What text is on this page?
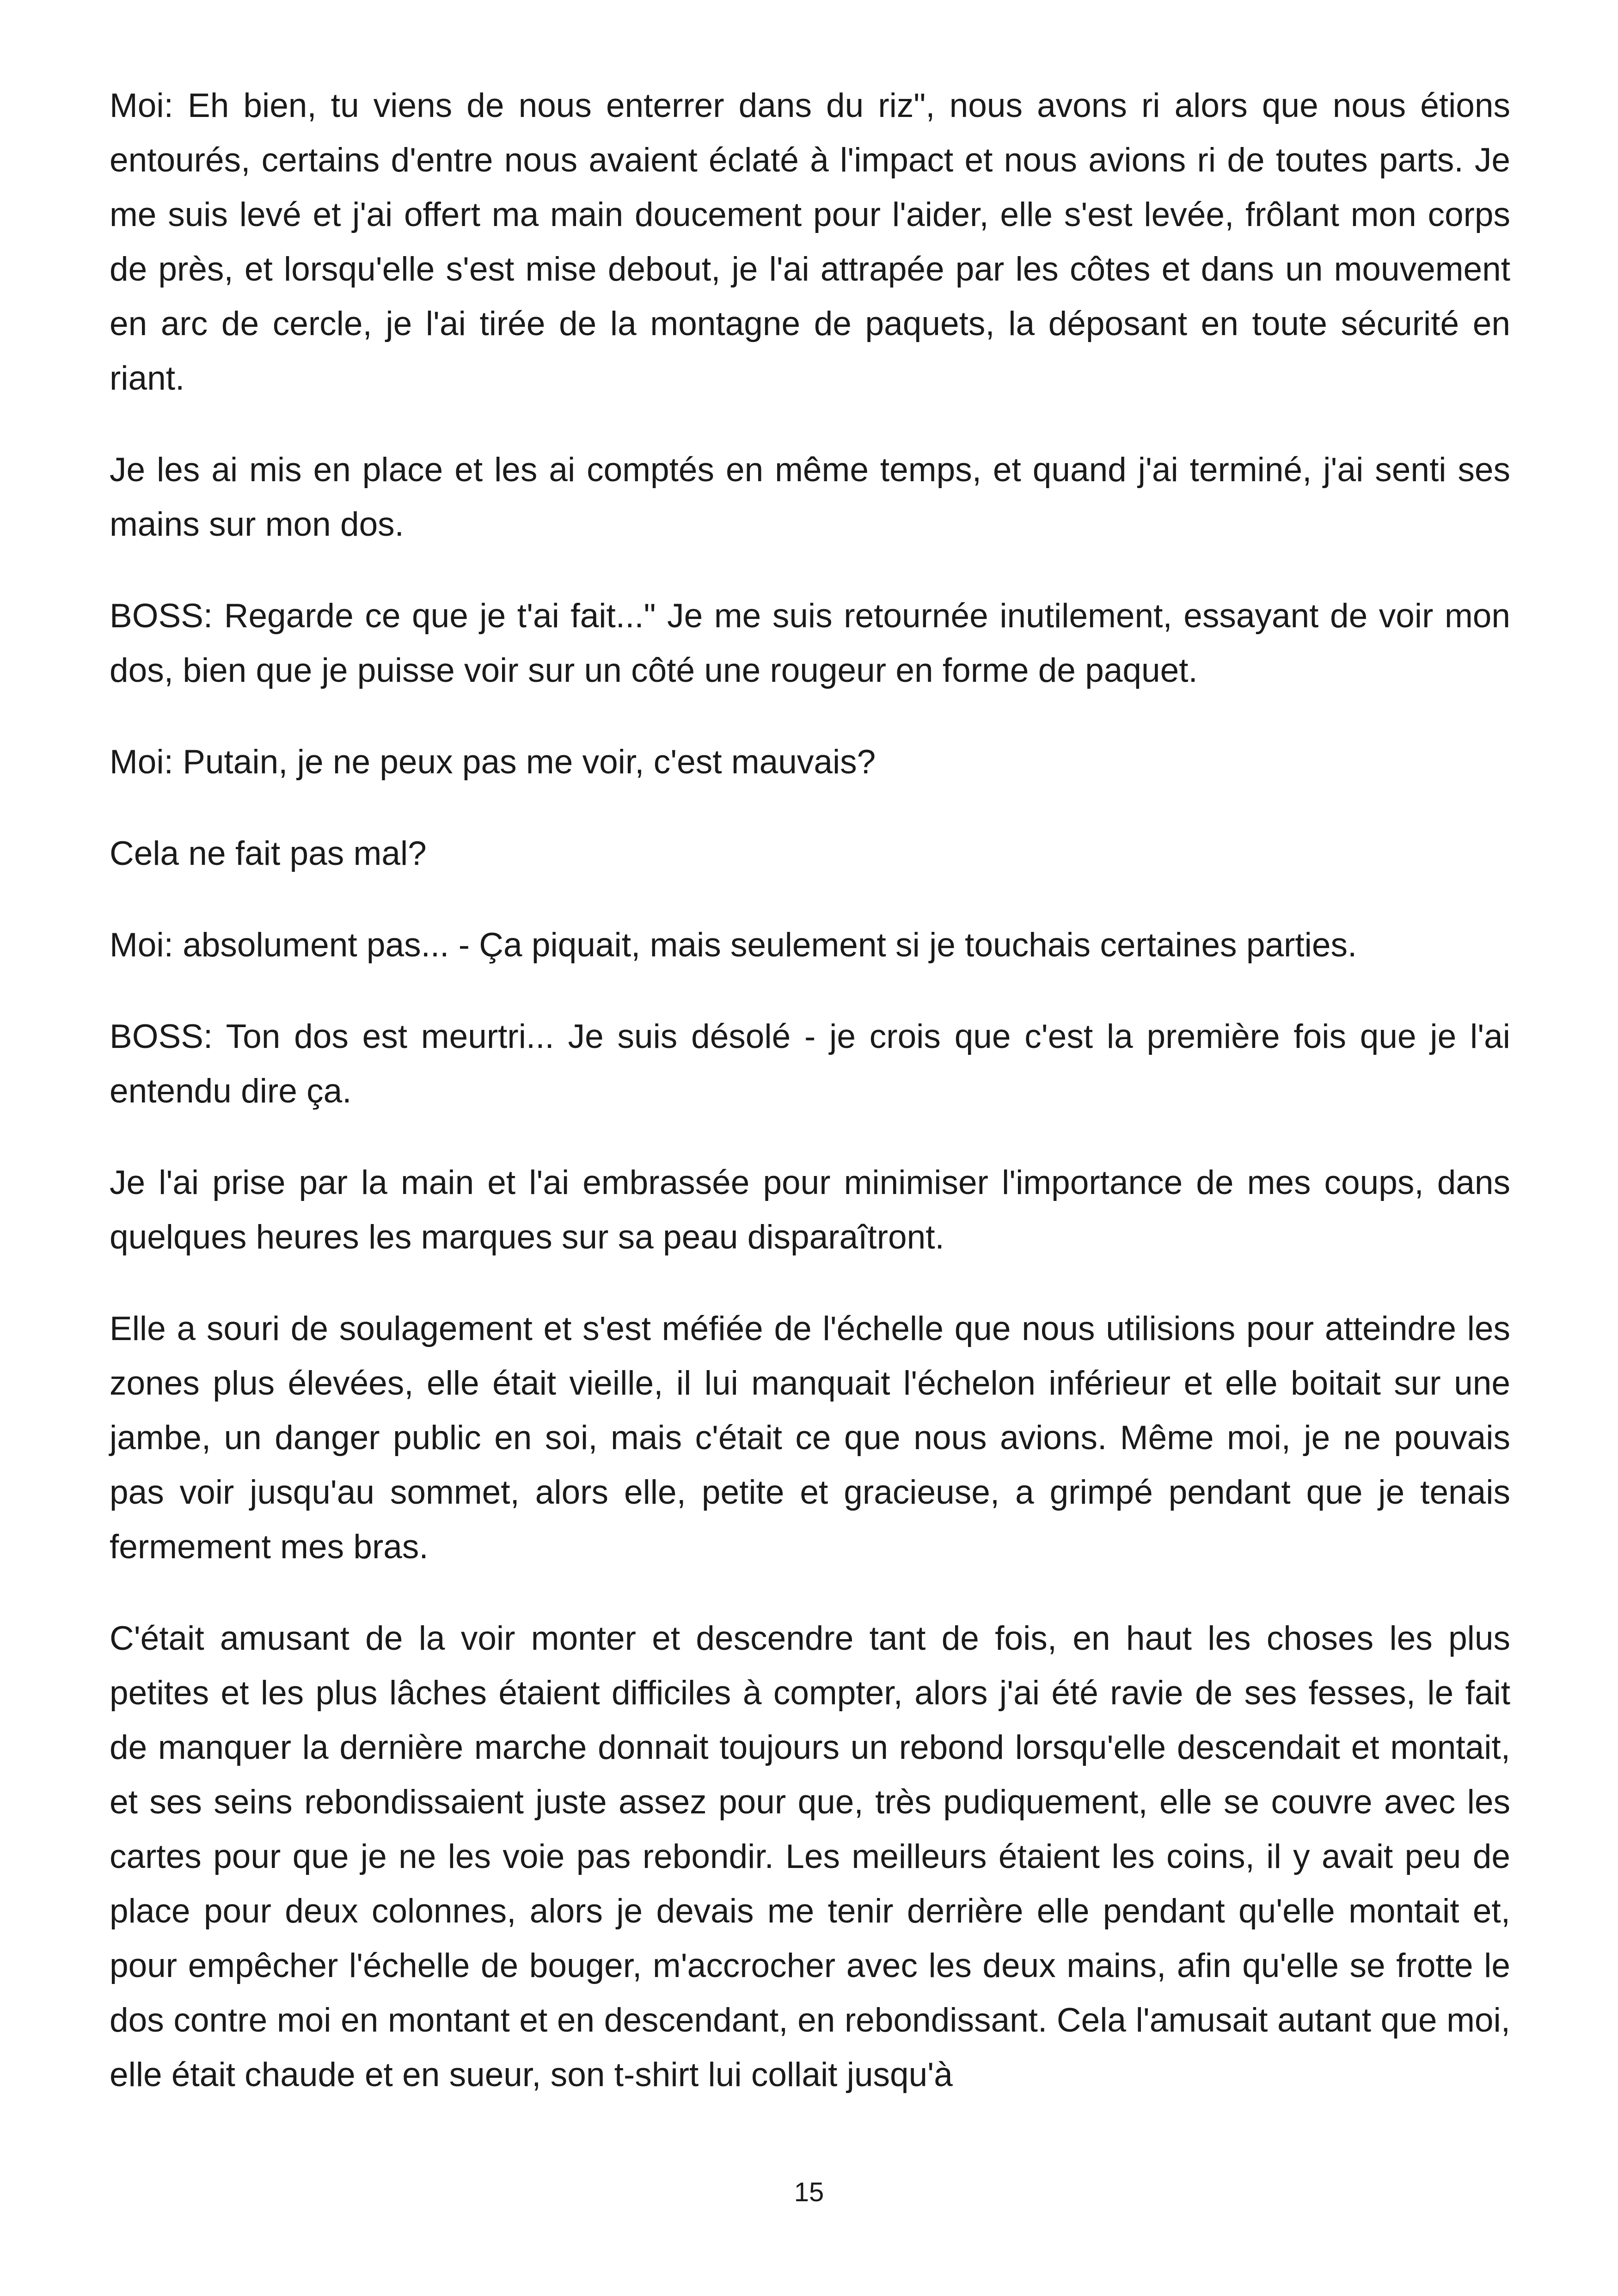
Moi: Eh bien, tu viens de nous enterrer dans du riz", nous avons ri alors que nous étions entourés, certains d'entre nous avaient éclaté à l'impact et nous avions ri de toutes parts. Je me suis levé et j'ai offert ma main doucement pour l'aider, elle s'est levée, frôlant mon corps de près, et lorsqu'elle s'est mise debout, je l'ai attrapée par les côtes et dans un mouvement en arc de cercle, je l'ai tirée de la montagne de paquets, la déposant en toute sécurité en riant.

Je les ai mis en place et les ai comptés en même temps, et quand j'ai terminé, j'ai senti ses mains sur mon dos.

BOSS: Regarde ce que je t'ai fait..." Je me suis retournée inutilement, essayant de voir mon dos, bien que je puisse voir sur un côté une rougeur en forme de paquet.

Moi: Putain, je ne peux pas me voir, c'est mauvais?

Cela ne fait pas mal?

Moi: absolument pas... - Ça piquait, mais seulement si je touchais certaines parties.

BOSS: Ton dos est meurtri... Je suis désolé - je crois que c'est la première fois que je l'ai entendu dire ça.

Je l'ai prise par la main et l'ai embrassée pour minimiser l'importance de mes coups, dans quelques heures les marques sur sa peau disparaîtront.

Elle a souri de soulagement et s'est méfiée de l'échelle que nous utilisions pour atteindre les zones plus élevées, elle était vieille, il lui manquait l'échelon inférieur et elle boitait sur une jambe, un danger public en soi, mais c'était ce que nous avions. Même moi, je ne pouvais pas voir jusqu'au sommet, alors elle, petite et gracieuse, a grimpé pendant que je tenais fermement mes bras.

C'était amusant de la voir monter et descendre tant de fois, en haut les choses les plus petites et les plus lâches étaient difficiles à compter, alors j'ai été ravie de ses fesses, le fait de manquer la dernière marche donnait toujours un rebond lorsqu'elle descendait et montait, et ses seins rebondissaient juste assez pour que, très pudiquement, elle se couvre avec les cartes pour que je ne les voie pas rebondir. Les meilleurs étaient les coins, il y avait peu de place pour deux colonnes, alors je devais me tenir derrière elle pendant qu'elle montait et, pour empêcher l'échelle de bouger, m'accrocher avec les deux mains, afin qu'elle se frotte le dos contre moi en montant et en descendant, en rebondissant. Cela l'amusait autant que moi, elle était chaude et en sueur, son t-shirt lui collait jusqu'à

15
